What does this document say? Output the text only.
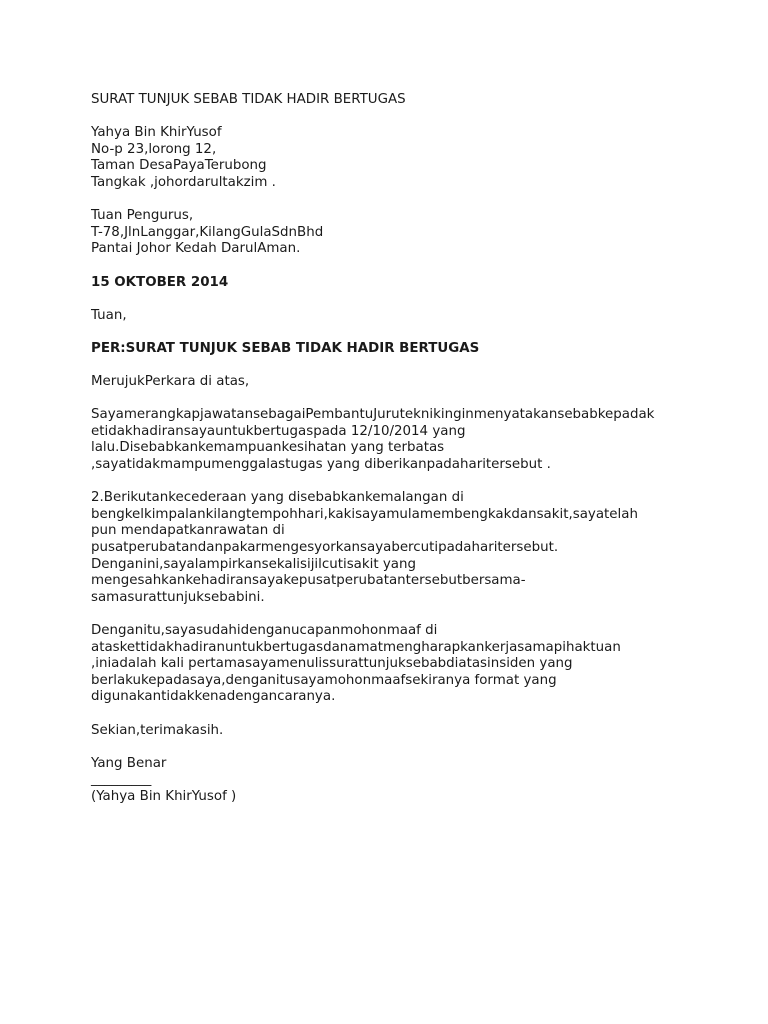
SURAT TUNJUK SEBAB TIDAK HADIR BERTUGAS
Yahya Bin KhirYusof
No-p 23,lorong 12,
Taman DesaPayaTerubong
Tangkak ,johordarultakzim .
Tuan Pengurus,
T-78,JlnLanggar,KilangGulaSdnBhd
Pantai Johor Kedah DarulAman.
15 OKTOBER 2014
Tuan,
PER:SURAT TUNJUK SEBAB TIDAK HADIR BERTUGAS
MerujukPerkara di atas,
SayamerangkapjawatansebagaiPembantuJuruteknikinginmenyatakansebabkepadak
etidakhadiransayauntukbertugaspada 12/10/2014 yang
lalu.Disebabkankemampuankesihatan yang terbatas
,sayatidakmampumenggalastugas yang diberikanpadaharitersebut .
2.Berikutankecederaan yang disebabkankemalangan di
bengkelkimpalankilangtempohhari,kakisayamulamembengkakdansakit,sayatelah
pun mendapatkanrawatan di
pusatperubatandanpakarmengesyorkansayabercutipadaharitersebut.
Denganini,sayalampirkansekalisijilcutisakit yang
mengesahkankehadiransayakepusatperubatantersebutbersama-
samasurattunjuksebabini.
Denganitu,sayasudahidenganucapanmohonmaaf di
ataskettidakhadiranuntukbertugasdanamatmengharapkankerjasamapihaktuan
,iniadalah kali pertamasayamenulissurattunjuksebabdiatasinsiden yang
berlakukepadasaya,denganitusayamohonmaafsekiranya format yang
digunakantidakkenadengancaranya.
Sekian,terimakasih.
Yang Benar
_________
(Yahya Bin KhirYusof )
